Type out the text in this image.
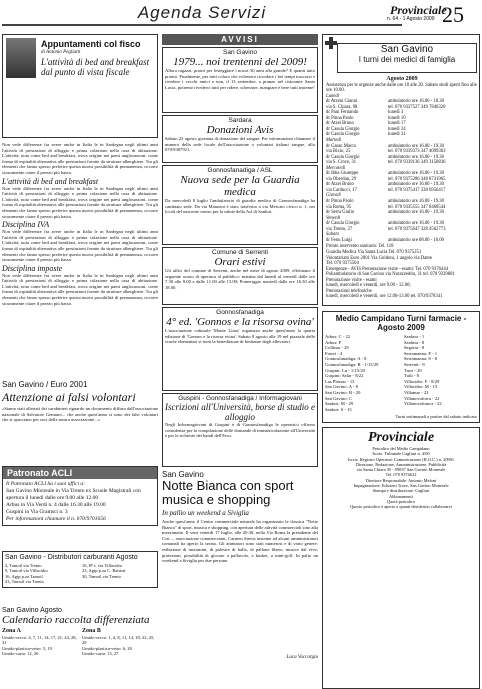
Agenda Servizi	Provinciale
n. 64 - 1 Agosto 2009 25
Appuntamenti col fisco
di Antonio Pegliatti
L'attività di bed and breakfast dal punto di vista fiscale
Non vede differenze fra avere anche in Italia le in Sardegna negli ultimi anni l'attività di prestazioni di alloggio e prima colazione nella casa di abitazione. L'attività, nota come bed and breakfast, trova origine nei paesi anglosassoni, come forma di ospitalità alternativa alle prestazioni fornite da strutture alberghiere. Tra gli elementi che fanno spesso preferire questa nuova possibilità di permanenza, occorre sicuramente citare il prezzo più basso.
L'attività di bed and breakfast
Non vede differenze fra avere anche in Italia le in Sardegna negli ultimi anni l'attività di prestazioni di alloggio e prima colazione nella casa di abitazione. L'attività, nota come bed and breakfast, trova origine nei paesi anglosassoni, come forma di ospitalità alternativa alle prestazioni fornite da strutture alberghiere. Tra gli elementi che fanno spesso preferire questa nuova possibilità di permanenza, occorre sicuramente citare il prezzo più basso.
Disciplina IVA
Non vede differenze fra avere anche in Italia le in Sardegna negli ultimi anni l'attività di prestazioni di alloggio e prima colazione nella casa di abitazione. L'attività, nota come bed and breakfast, trova origine nei paesi anglosassoni, come forma di ospitalità alternativa alle prestazioni fornite da strutture alberghiere. Tra gli elementi che fanno spesso preferire questa nuova possibilità di permanenza, occorre sicuramente citare il prezzo più basso.
Disciplina imposte
Non vede differenze fra avere anche in Italia le in Sardegna negli ultimi anni l'attività di prestazioni di alloggio e prima colazione nella casa di abitazione. L'attività, nota come bed and breakfast, trova origine nei paesi anglosassoni, come forma di ospitalità alternativa alle prestazioni fornite da strutture alberghiere. Tra gli elementi che fanno spesso preferire questa nuova possibilità di permanenza, occorre sicuramente citare il prezzo più basso.
San Gavino / Euro 2001
Attenzione ai falsi volontari
«Siamo stati allertati dai carabinieri riguardo un documento diffuso dall'associazione nazionale di Salvatore Gennaro... che anche quest'anno si sono dei falsi volontari che si spacciano per soci della nostra associazione...»
Patronato ACLI
Il Patronato ACLI ha i suoi uffici a:
San Gavino Monreale in Via Trento ex Scuole Magistrali con apertura il lunedì dalle ore 9.00 alle 12.00
Arbus in Via Verdi n. 4 dalle 16.30 alle 19.00
Guspini in Via Gramsci n. 3
Per informazioni chiamare il n. 070/9701656
San Gavino - Distributori carburanti Agosto
2, Tamoil via Trento
9, Tamoil via Villacidro
16, Agip p.za Tamoil
23, Tamoil via Trento
16, IP s. via Villacidro
23, Agip p.za C. Battisti
30, Tamoil via Trento
San Gavino Agosto
Calendario raccolta differenziata
Zona A
Umido-secco: 4, 7, 11, 14, 17, 21, 24, 28, 31
Umido-plastica-vetro: 5, 19
Umido-carta: 12, 26
Zona B
Umido-secco: 1, 4, 8, 11, 14, 18, 22, 25, 29
Umido-plastica-vetro: 6, 20
Umido-carta: 13, 27
AVVISI
San Gavino
1979... noi trentenni del 2009!
Allora ragazzi, pronti per festeggiare i nostri 30 anni alla grande? E quanti tutto pronto. Finalmente, per tutti coloro che volessero ricordare i bei tempi trascorsi e rivedere i vecchi amici e non, il 13 settembre, a pranzo nel ristorante Santa Lucia, potremo rivederci tutti per ridere, scherzare, mangiare e bere tutti insieme!
Sardara
Donazioni Avis
Sabato 22 agosto giornata di donazione del sangue. Per informazioni chiamare il numero della sede locale dell'associazione o volontari italiani sangue, allo 070/9387921.
Gonnosfanadiga / ASL
Nuova sede per la Guardia medica
Da mercoledì 8 luglio l'ambulatorio di guardia medica di Gonnosfanadiga ha cambiato sede. Da via Manzoni è stato trasferito a via Mercato civico n. 1, nei locali del nascente centro per la salute della Asl di Sanluri.
Comune di Serrenti
Orari estivi
Gli uffici del comune di Serrenti, anche nel mese di agosto 2009, effettuano il seguente orario di apertura al pubblico: mattina dal lunedì al venerdì dalle ore 7.30 alle 8.00 e dalle 11.00 alle 13.00; Pomeriggio martedì dalle ore 16.30 alle 18.00.
Gonnosfanadiga
4° ed. 'Gonnos e la risorsa ovina'
L'associazione culturale 'Monte Linas' organizza anche quest'anno la quarta edizione di 'Gonnos e la risorsa ovina'. Sabato 8 agosto alle 19 nel piazzale delle scuole elementari si terrà la benedizione di bestiame degli allevatori.
Guspini - Gonnosfanadiga / Informagiovani
Iscrizioni all'Università, borse di studio e alloggio
Negli Informagiovani di Guspini e di Gonnosfanadiga le operatrici offrono consulenza per la compilazione delle domande di immatricolazione all'Università e per le richieste dei bandi dell'Ersu.
San Gavino
Notte Bianca con sport musica e shopping
In pallio un weekend a Siviglia
Anche quest'anno il Centro commerciale naturale ha organizzato la classica "Notte Bianca" di sport, musica e shopping, con apertura delle attività commerciali sino alla mezzanotte. Il vent venerdì 17 luglio, alle 20.30, nella Via Roma la presidente del Ccn ... associazione commercianti, Carmen Sireus insieme ad alcuni amministratori comunali ha aperto la serata. Gli animatori sono stati numerosi e di vario genere: esibizione di motomini, di palestre di ballo, di pallone libero, musica dal vivo, proiezioni, possibilità di giocare a pallavolo, a basket, a mini-golf. In palio un weekend a Siviglia per due persone.
Luca Vaccargiu
San Gavino
I turni dei medici di famiglia
Agosto 2009
Assistenza per le urgenze anche dalle ore 10 alle 20. Sabato studi aperti fino alle ore 10.00.
Lunedì
dr Atzeni Gianni	ambulatorio ore 16.00 - 18.30
via S. Chiara, 98	tel. 070 9337527 349 7846320
dr Pani Fernando	lunedì 3
dr Pinna Paolo	lunedì 10
dr Atzei Bruno	lunedì 17
dr Casula Giorgio	lunedì 24
dr Casula Giorgio	lunedì 31
Martedì
dr Garau Marco	ambulatorio ore 16.00 - 19.30
via Bixio, 25	tel. 070 9339373 347 4099363
dr Casula Giorgio	ambulatorio ore 16.00 - 19.30
via S. Croce, 31	tel. 070 9339136 349 3150836
Mercoledì
dr Ibba Giuseppe	ambulatorio ore 16.00 - 19.30
via Oberdan, 29	tel. 070 9375286 348 8731965
dr Atzei Bruno	ambulatorio ore 16.00 - 19.30
via Carducci, 17	tel. 070 9375417 338 6956417
Giovedì
dr Pinna Paolo	ambulatorio ore 16.00 - 19.30
via Roma, 95	tel. 070 9335555 347 8460544
dr Serra Giulio	ambulatorio ore 16.00 - 19.30
Venerdì
dr Casula Giorgio	ambulatorio ore 16.00 - 19.30
via Trento, 27	tel. 070 9375647 328 4562773
Sabato
dr Fenu Luigi	ambulatorio ore 08.00 - 10.00
Pronto intervento sanitario: Tel. 118
Guardia Medica Via Santa Lucia Tel. 070 9375251
Volontariato Euro 2001 Via Goldoni, 1 angolo via Dante
Tel. 070 9375504
Emergenze - AVIS Prenotazione visite - esami: Tel. 070 9376444
Poliambulatorio di San Gavino via Nurazzeddu, 31 tel. 070 9339801
Prenotazione visite - esami
lunedì, mercoledì e venerdì, ore 9.00 - 12.00;
Prenotazioni telefoniche
lunedì, mercoledì e venerdì, ore 12.00-13.00 tel. 070/9378341
Medio Campidano Turni farmacie - Agosto 2009
Arbus: C - 22
Arbus: F
Collinas - 29
Furtei - 4
Gonnosfanadiga: A - 8
Gonnosfanadiga: B - 1/15/29
Guspini: Lu - 1/15/29
Guspini: Salar - 8/22
Las Plassas - 15
San Gavino: A - 8
San Gavino: B - 29
San Gavino: C
Sanluri: M - 29
Sanluri: S - 15
Sardara - 1
Sardara - 8
Segariu - 8
Serramanna: F - 1
Serramanna: S - 8
Serrenti - 8
Turri - 29
Tuili - 8
Villacidro: F - 8/29
Villacidro: M - 15
Villamar - 22
Villanovaforru - 22
Villanovafranca - 22
Turni settimanali a partire dal sabato indicato
Provinciale
Periodico del Medio Campidano
Iscriz. Tribunale Cagliari n. 4/00
Iscriz. Registro Operatori Comunicazione (R.O.C.) n. 20901
Direzione, Redazione, Amministrazione, Pubblicità
via Santa Chiara 35 - 09037 San Gavino Monreale
Tel. 070 9376622
Direttore Responsabile: Antonio Meloni
Impaginazione: Edizioni Trave, San Gavino Monreale
Stampa e distribuzione: Cagliari
Abbonamenti
Quota periodico
Questo periodico è aperto a quanti desiderino collaborarvi
